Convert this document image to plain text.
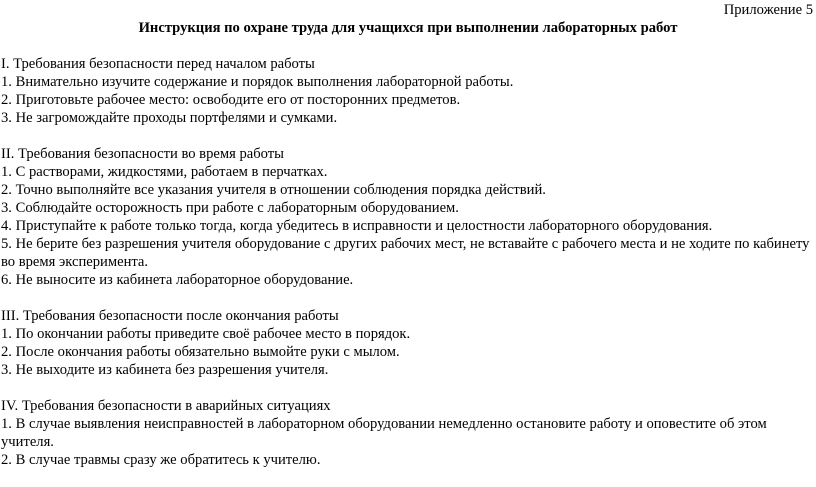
Приложение 5

Инструкция по охране труда для учащихся при выполнении лабораторных работ

I. Требования безопасности перед началом работы

1. Внимательно изучите содержание и порядок выполнения лабораторной работы.

2. Приготовьте рабочее место: освободите его от посторонних предметов.

3. Не загромождайте проходы портфелями и сумками.

II. Требования безопасности во время работы

1. С растворами, жидкостями, работаем в перчатках.

2. Точно выполняйте все указания учителя в отношении соблюдения порядка действий.

3. Соблюдайте осторожность при работе с лабораторным оборудованием.

4. Приступайте к работе только тогда, когда убедитесь в исправности и целостности лабораторного оборудования.

5. Не берите без разрешения учителя оборудование с других рабочих мест, не вставайте с рабочего места и не ходите по кабинету во время эксперимента.

6. Не выносите из кабинета лабораторное оборудование.

III. Требования безопасности после окончания работы

1. По окончании работы приведите своё рабочее место в порядок.

2. После окончания работы обязательно вымойте руки с мылом.

3. Не выходите из кабинета без разрешения учителя.

IV. Требования безопасности в аварийных ситуациях

1. В случае выявления неисправностей в лабораторном оборудовании немедленно остановите работу и оповестите об этом учителя.

2. В случае травмы сразу же обратитесь к учителю.
